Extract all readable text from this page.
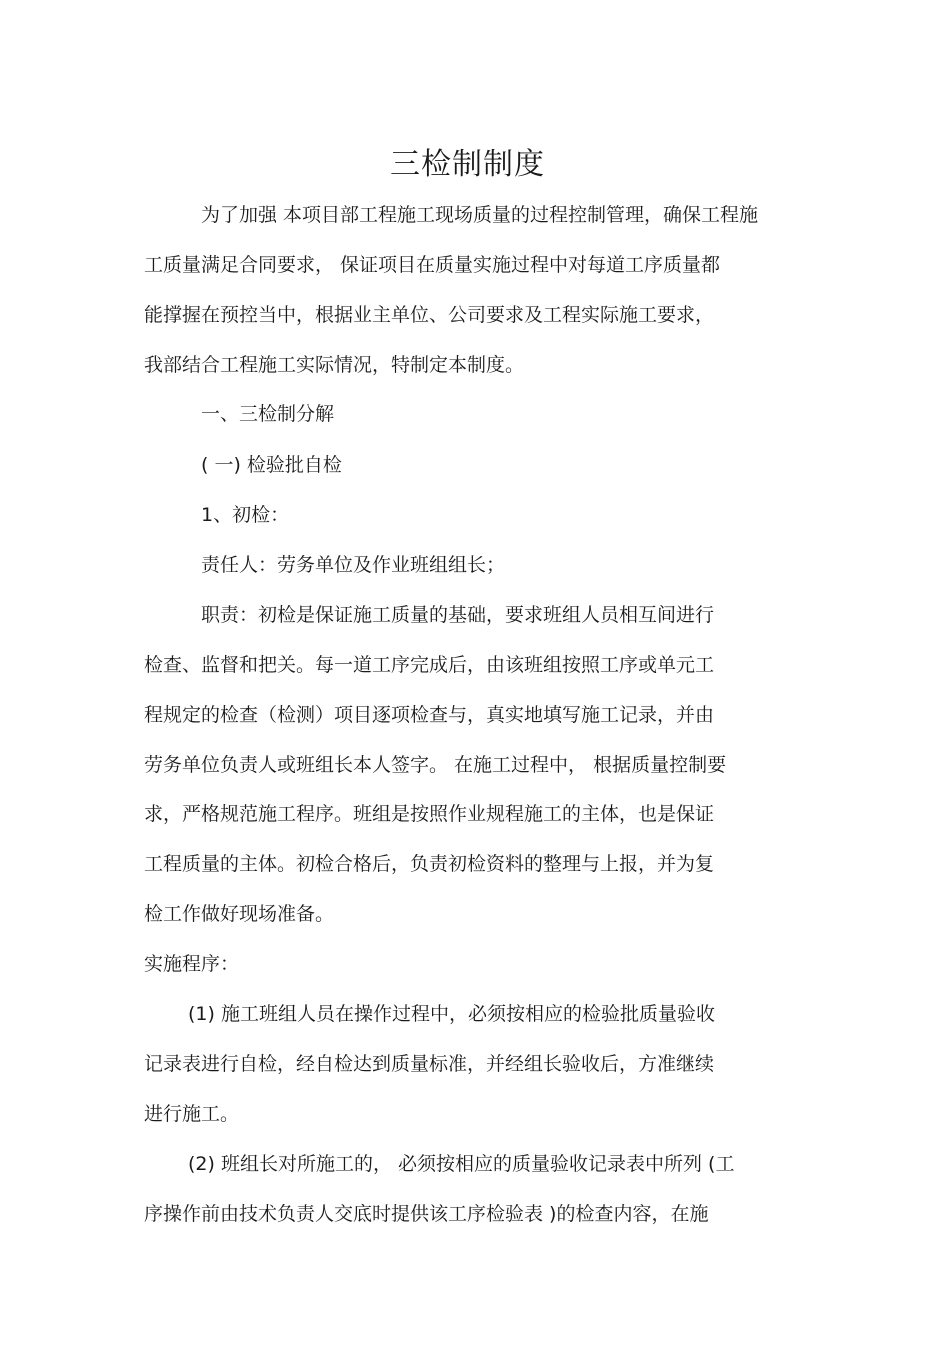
三检制制度

为了加强 本项目部工程施工现场质量的过程控制管理，确保工程施

工质量满足合同要求， 保证项目在质量实施过程中对每道工序质量都

能撑握在预控当中，根据业主单位、公司要求及工程实际施工要求，

我部结合工程施工实际情况，特制定本制度。

一、三检制分解

( 一) 检验批自检

1、初检：

责任人：劳务单位及作业班组组长；

职责：初检是保证施工质量的基础，要求班组人员相互间进行

检查、监督和把关。每一道工序完成后，由该班组按照工序或单元工

程规定的检查（检测）项目逐项检查与，真实地填写施工记录，并由

劳务单位负责人或班组长本人签字。 在施工过程中， 根据质量控制要

求，严格规范施工程序。班组是按照作业规程施工的主体，也是保证

工程质量的主体。初检合格后，负责初检资料的整理与上报，并为复

检工作做好现场准备。

实施程序：

(1) 施工班组人员在操作过程中，必须按相应的检验批质量验收

记录表进行自检，经自检达到质量标准，并经组长验收后，方准继续

进行施工。

(2) 班组长对所施工的， 必须按相应的质量验收记录表中所列 (工

序操作前由技术负责人交底时提供该工序检验表 )的检查内容，在施
